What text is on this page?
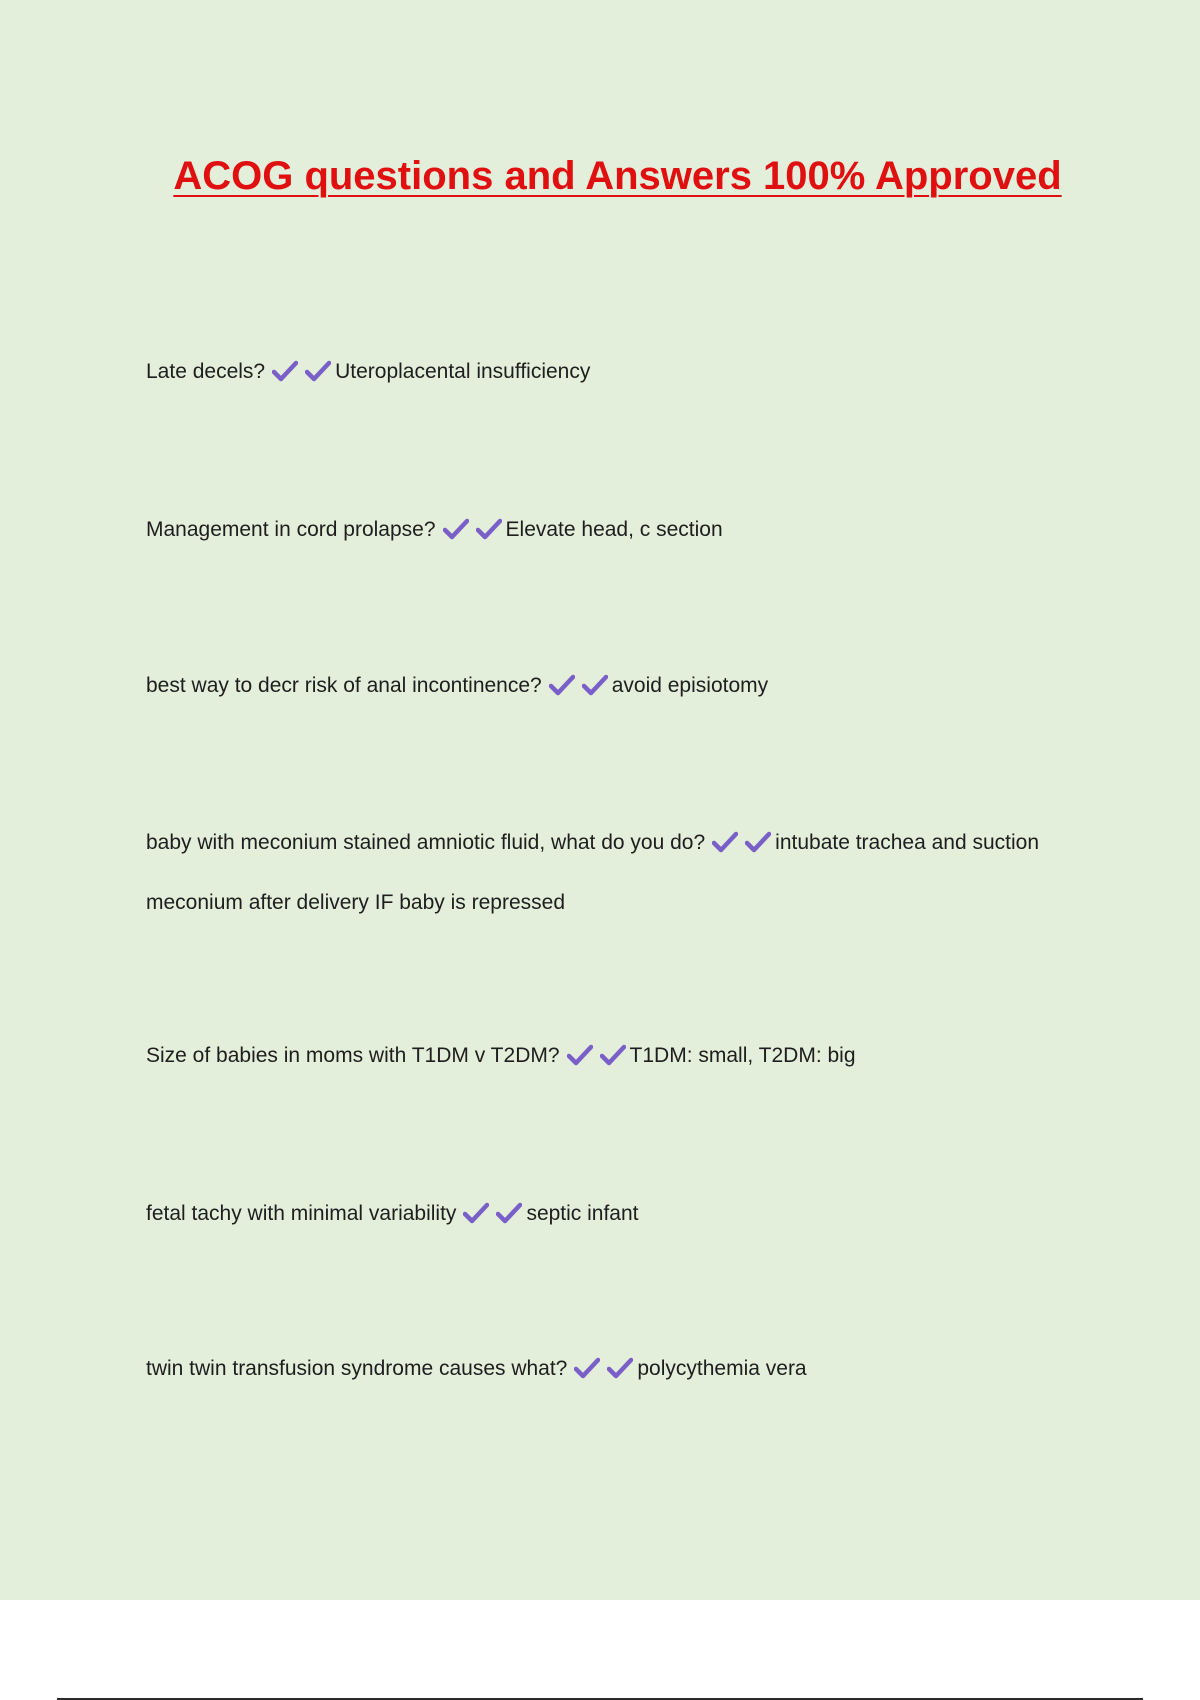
ACOG questions and Answers 100% Approved
Late decels?	Uteroplacental insufficiency
Management in cord prolapse?	Elevate head, c section
best way to decr risk of anal incontinence?	avoid episiotomy
baby with meconium stained amniotic fluid, what do you do?	intubate trachea and suction meconium after delivery IF baby is repressed
Size of babies in moms with T1DM v T2DM?	T1DM: small, T2DM: big
fetal tachy with minimal variability	septic infant
twin twin transfusion syndrome causes what?	polycythemia vera
